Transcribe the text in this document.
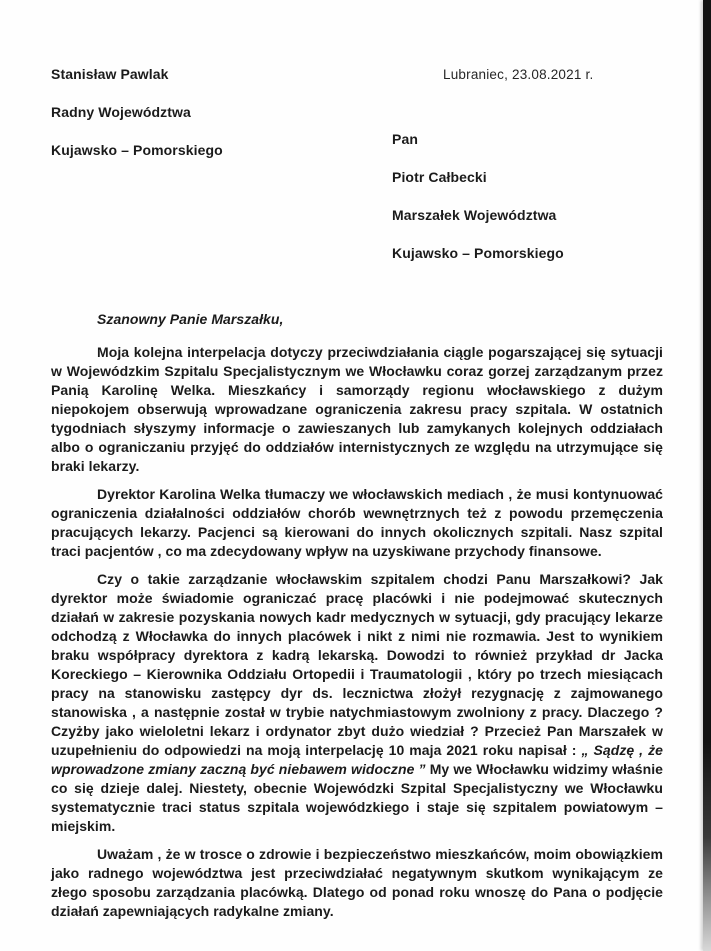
Stanisław Pawlak
Radny Województwa
Kujawsko – Pomorskiego
Lubraniec, 23.08.2021 r.
Pan
Piotr Całbecki
Marszałek Województwa
Kujawsko – Pomorskiego

Szanowny Panie Marszałku,

Moja kolejna interpelacja dotyczy przeciwdziałania ciągle pogarszającej się sytuacji w Wojewódzkim Szpitalu Specjalistycznym we Włocławku coraz gorzej zarządzanym przez Panią Karolinę Welka. Mieszkańcy i samorządy regionu włocławskiego z dużym niepokojem obserwują wprowadzane ograniczenia zakresu pracy szpitala. W ostatnich tygodniach słyszymy informacje o zawieszanych lub zamykanych kolejnych oddziałach albo o ograniczaniu przyjęć do oddziałów internistycznych ze względu na utrzymujące się braki lekarzy.

Dyrektor Karolina Welka tłumaczy we włocławskich mediach , że musi kontynuować ograniczenia działalności oddziałów chorób wewnętrznych też z powodu przemęczenia pracujących lekarzy. Pacjenci są kierowani do innych okolicznych szpitali. Nasz szpital traci pacjentów , co ma zdecydowany wpływ na uzyskiwane przychody finansowe.

Czy o takie zarządzanie włocławskim szpitalem chodzi Panu Marszałkowi? Jak dyrektor może świadomie ograniczać pracę placówki i nie podejmować skutecznych działań w zakresie pozyskania nowych kadr medycznych w sytuacji, gdy pracujący lekarze odchodzą z Włocławka do innych placówek i nikt z nimi nie rozmawia. Jest to wynikiem braku współpracy dyrektora z kadrą lekarską. Dowodzi to również przykład dr Jacka Koreckiego – Kierownika Oddziału Ortopedii i Traumatologii , który po trzech miesiącach pracy na stanowisku zastępcy dyr ds. lecznictwa złożył rezygnację z zajmowanego stanowiska , a następnie został w trybie natychmiastowym zwolniony z pracy. Dlaczego ? Czyżby jako wieloletni lekarz i ordynator zbyt dużo wiedział ? Przecież Pan Marszałek w uzupełnieniu do odpowiedzi na moją interpelację 10 maja 2021 roku napisał : „ Sądzę , że wprowadzone zmiany zaczną być niebawem widoczne ” My we Włocławku widzimy właśnie co się dzieje dalej. Niestety, obecnie Wojewódzki Szpital Specjalistyczny we Włocławku systematycznie traci status szpitala wojewódzkiego i staje się szpitalem powiatowym – miejskim.

Uważam , że w trosce o zdrowie i bezpieczeństwo mieszkańców, moim obowiązkiem jako radnego województwa jest przeciwdziałać negatywnym skutkom wynikającym ze złego sposobu zarządzania placówką. Dlatego od ponad roku wnoszę do Pana o podjęcie działań zapewniających radykalne zmiany.
